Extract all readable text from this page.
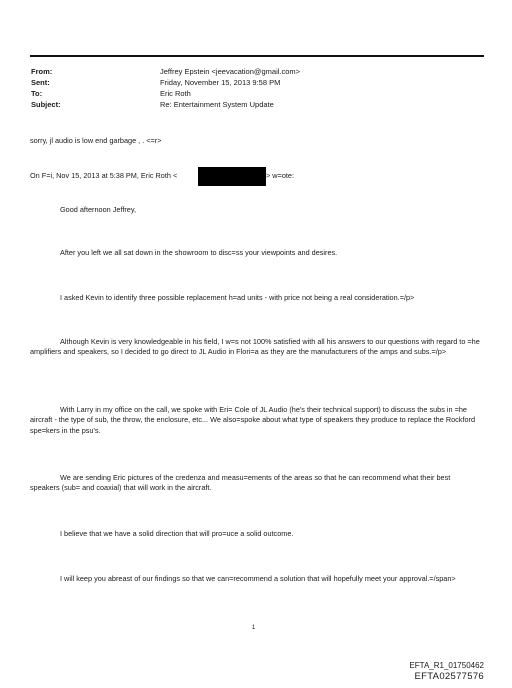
From:	Jeffrey Epstein <jeevacation@gmail.com>
Sent:	Friday, November 15, 2013 9:58 PM
To:	Eric Roth
Subject:	Re: Entertainment System Update
sorry, jl audio is low end garbage , . <=r>
On F=i, Nov 15, 2013 at 5:38 PM, Eric Roth <	> w=ote:
Good afternoon Jeffrey,
After you left we all sat down in the showroom to disc=ss your viewpoints and desires.
I asked Kevin to identify three possible replacement h=ad units - with price not being a real consideration.=/p>
Although Kevin is very knowledgeable in his field, I w=s not 100% satisfied with all his answers to our questions with regard to =he amplifiers and speakers, so I decided to go direct to JL Audio in Flori=a as they are the manufacturers of the amps and subs.=/p>
With Larry in my office on the call, we spoke with Eri= Cole of JL Audio (he's their technical support) to discuss the subs in =he aircraft - the type of sub, the throw, the enclosure, etc... We also=spoke about what type of speakers they produce to replace the Rockford spe=kers in the psu's.
We are sending Eric pictures of the credenza and measu=ements of the areas so that he can recommend what their best speakers (sub= and coaxial) that will work in the aircraft.
I believe that we have a solid direction that will pro=uce a solid outcome.
I will keep you abreast of our findings so that we can=recommend a solution that will hopefully meet your approval.=/span>
1
EFTA_R1_01750462
EFTA02577576
